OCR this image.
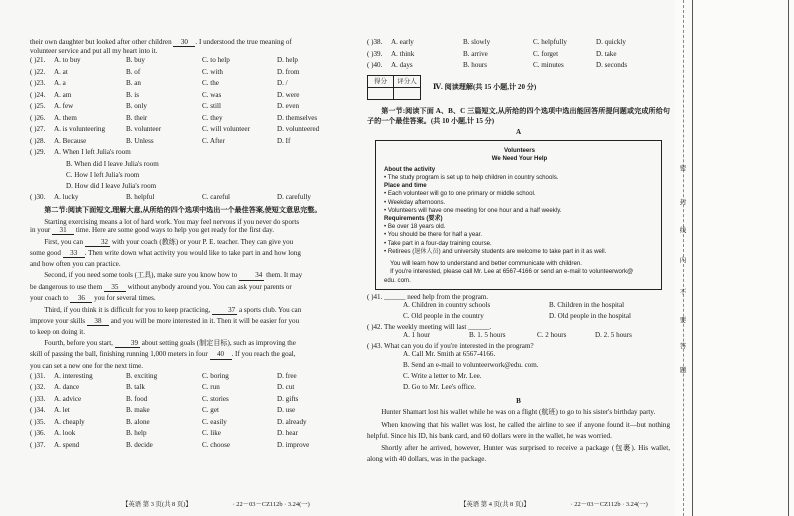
their own daughter but looked after other children 30 . I understood the true meaning of
volunteer service and put all my heart into it.
( )21. A. to buy	B. buy	C. to help	D. help
( )22. A. at	B. of	C. with	D. from
( )23. A. a	B. an	C. the	D. /
( )24. A. am	B. is	C. was	D. were
( )25. A. few	B. only	C. still	D. even
( )26. A. them	B. their	C. they	D. themselves
( )27. A. is volunteering	B. volunteer	C. will volunteer	D. volunteered
( )28. A. Because	B. Unless	C. After	D. If
( )29. A. When I left Julia's room
B. When did I leave Julia's room
C. How I left Julia's room
D. How did I leave Julia's room
( )30. A. lucky	B. helpful	C. careful	D. carefully
第二节:阅读下面短文,理解大意,从所给的四个选项中选出一个最佳答案,使短文意思完整。
Starting exercising means a lot of hard work. You may feel nervous if you never do sports
in your 31 time. Here are some good ways to help you get ready for the first day.
First, you can	32 with your coach (教练) or your P. E. teacher. They can give you
some good 33 . Then write down what activity you would like to take part in and how long
and how often you can practice.
Second, if you need some tools (工具), make sure you know how to	34 them. It may
be dangerous to use them 35 without anybody around you. You can ask your parents or
your coach to 36 you for several times.
Third, if you think it is difficult for you to keep practicing,	37 a sports club. You can
improve your skills 38 and you will be more interested in it. Then it will be easier for you
to keep on doing it.
Fourth, before you start,	39 about setting goals (制定目标), such as improving the
skill of passing the ball, finishing running 1,000 meters in four 40 . If you reach the goal,
you can set a new one for the next time.
( )31. A. interesting	B. exciting	C. boring	D. free
( )32. A. dance	B. talk	C. run	D. cut
( )33. A. advice	B. food	C. stories	D. gifts
( )34. A. let	B. make	C. get	D. use
( )35. A. cheaply	B. alone	C. easily	D. already
( )36. A. look	B. help	C. like	D. hear
( )37. A. spend	B. decide	C. choose	D. improve
【英语 第 3 页(共 8 页)】	· 22－03－CZ112b · 3.24(一)
( )38. A. early	B. slowly	C. helpfully	D. quickly
( )39. A. think	B. arrive	C. forget	D. take
( )40. A. days	B. hours	C. minutes	D. seconds
得分	评分人
Ⅳ. 阅读理解(共 15 小题,计 20 分)
第一节:阅读下面 A、B、C 三篇短文,从所给的四个选项中选出能回答所提问题或完成所给句子的一个最佳答案。(共 10 小题,计 15 分)
A
Volunteers
We Need Your Help
About the activity
• The study program is set up to help children in country schools.
Place and time
• Each volunteer will go to one primary or middle school.
• Weekday afternoons.
• Volunteers will have one meeting for one hour and a half weekly.
Requirements (要求)
• Be over 18 years old.
• You should be there for half a year.
• Take part in a four-day training course.
• Retirees (退休人员) and university students are welcome to take part in it as well.
You will learn how to understand and better communicate with children.
If you're interested, please call Mr. Lee at 6567-4166 or send an e-mail to volunteerwork@
edu. com.
( )41. ______ need help from the program.
A. Children in country schools	B. Children in the hospital
C. Old people in the country	D. Old people in the hospital
( )42. The weekly meeting will last ______.
A. 1 hour	B. 1. 5 hours	C. 2 hours	D. 2. 5 hours
( )43. What can you do if you're interested in the program?
A. Call Mr. Smith at 6567-4166.
B. Send an e-mail to volunteerwork@edu. com.
C. Write a letter to Mr. Lee.
D. Go to Mr. Lee's office.
B
Hunter Shamart lost his wallet while he was on a flight (航班) to go to his sister's birthday party.
When knowing that his wallet was lost, he called the airline to see if anyone found it—but nothing helpful. Since his ID, his bank card, and 60 dollars were in the wallet, he was worried.
Shortly after he arrived, however, Hunter was surprised to receive a package (包裹). His wallet, along with 40 dollars, was in the package.
【英语 第 4 页(共 8 页)】	· 22－03－CZ112b · 3.24(一)
密
封
线
内
不
要
答
题
